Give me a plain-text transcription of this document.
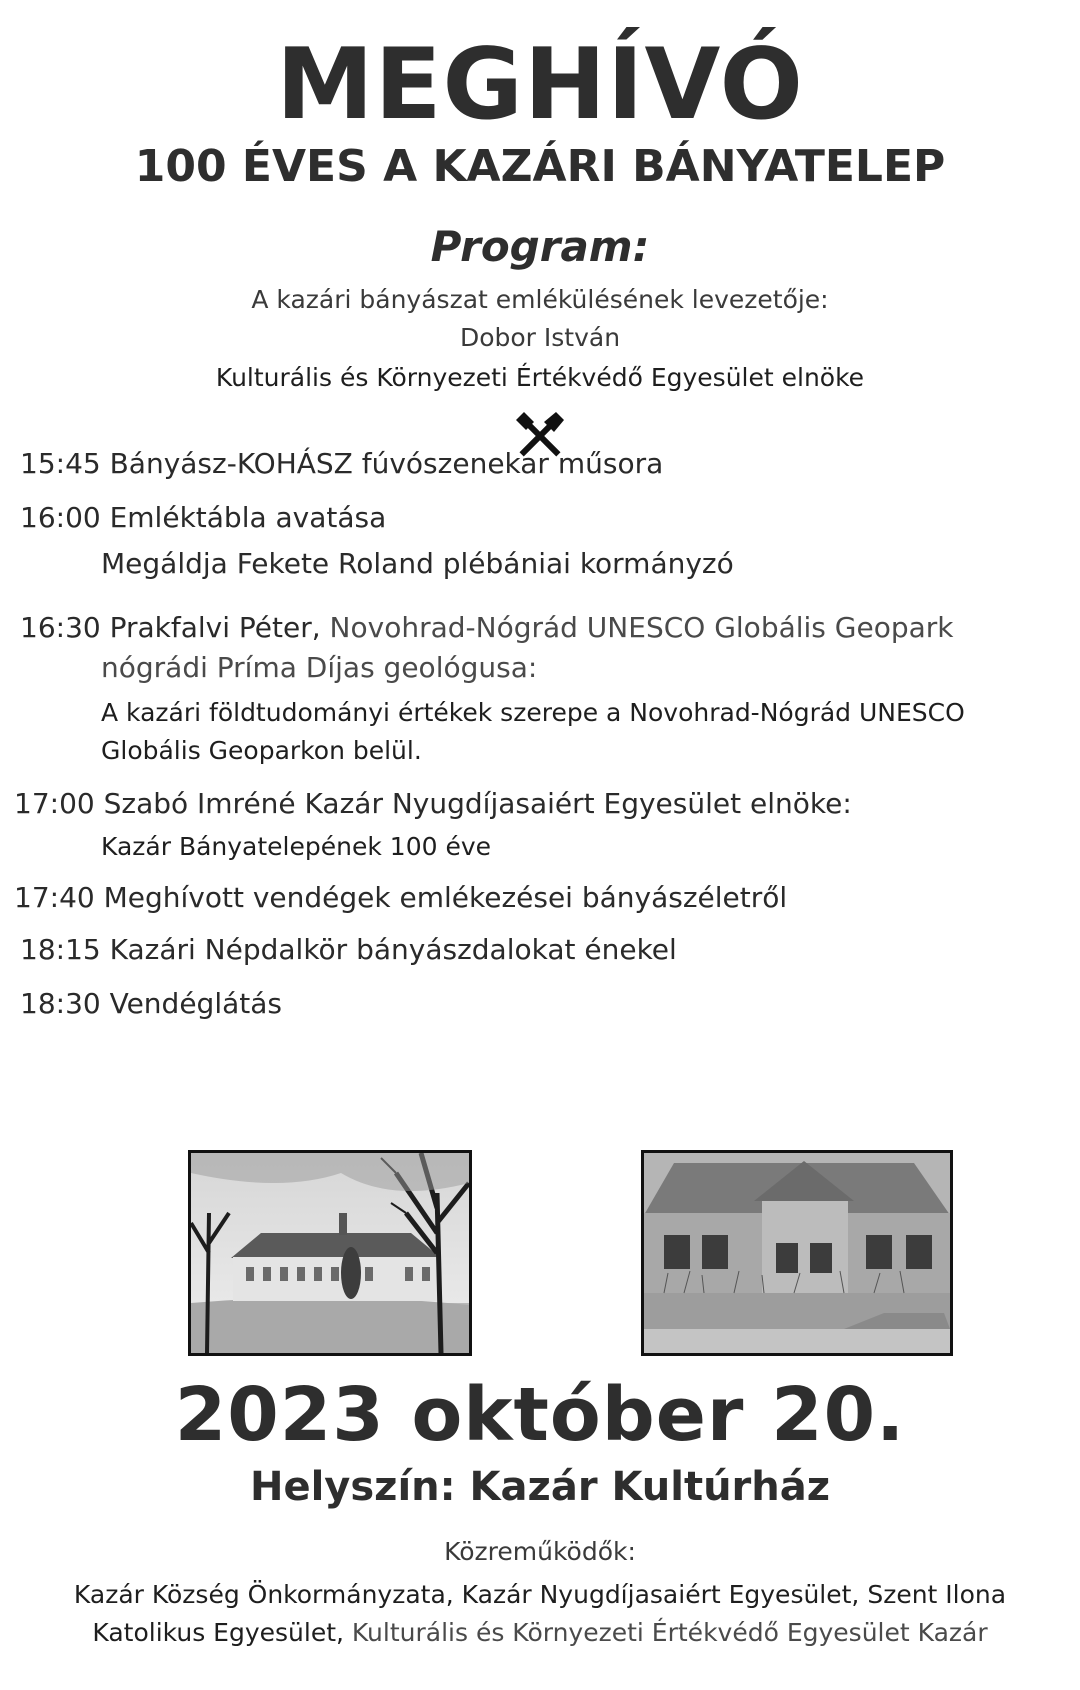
MEGHÍVÓ
100 ÉVES A KAZÁRI BÁNYATELEP
Program:
A kazári bányászat emlékülésének levezetője:
Dobor István
Kulturális és Környezeti Értékvédő Egyesület elnöke
15:45 Bányász-KOHÁSZ fúvószenekar műsora
16:00 Emléktábla avatása
Megáldja Fekete Roland plébániai kormányzó
16:30 Prakfalvi Péter, Novohrad-Nógrád UNESCO Globális Geopark
nógrádi Príma Díjas geológusa:
A kazári földtudományi értékek szerepe a Novohrad-Nógrád UNESCO
Globális Geoparkon belül.
17:00 Szabó Imréné Kazár Nyugdíjasaiért Egyesület elnöke:
Kazár Bányatelepének 100 éve
17:40 Meghívott vendégek emlékezései bányászéletről
18:15 Kazári Népdalkör bányászdalokat énekel
18:30 Vendéglátás
2023 október 20.
Helyszín: Kazár Kultúrház
Közreműködők:
Kazár Község Önkormányzata, Kazár Nyugdíjasaiért Egyesület, Szent Ilona
Katolikus Egyesület, Kulturális és Környezeti Értékvédő Egyesület Kazár
